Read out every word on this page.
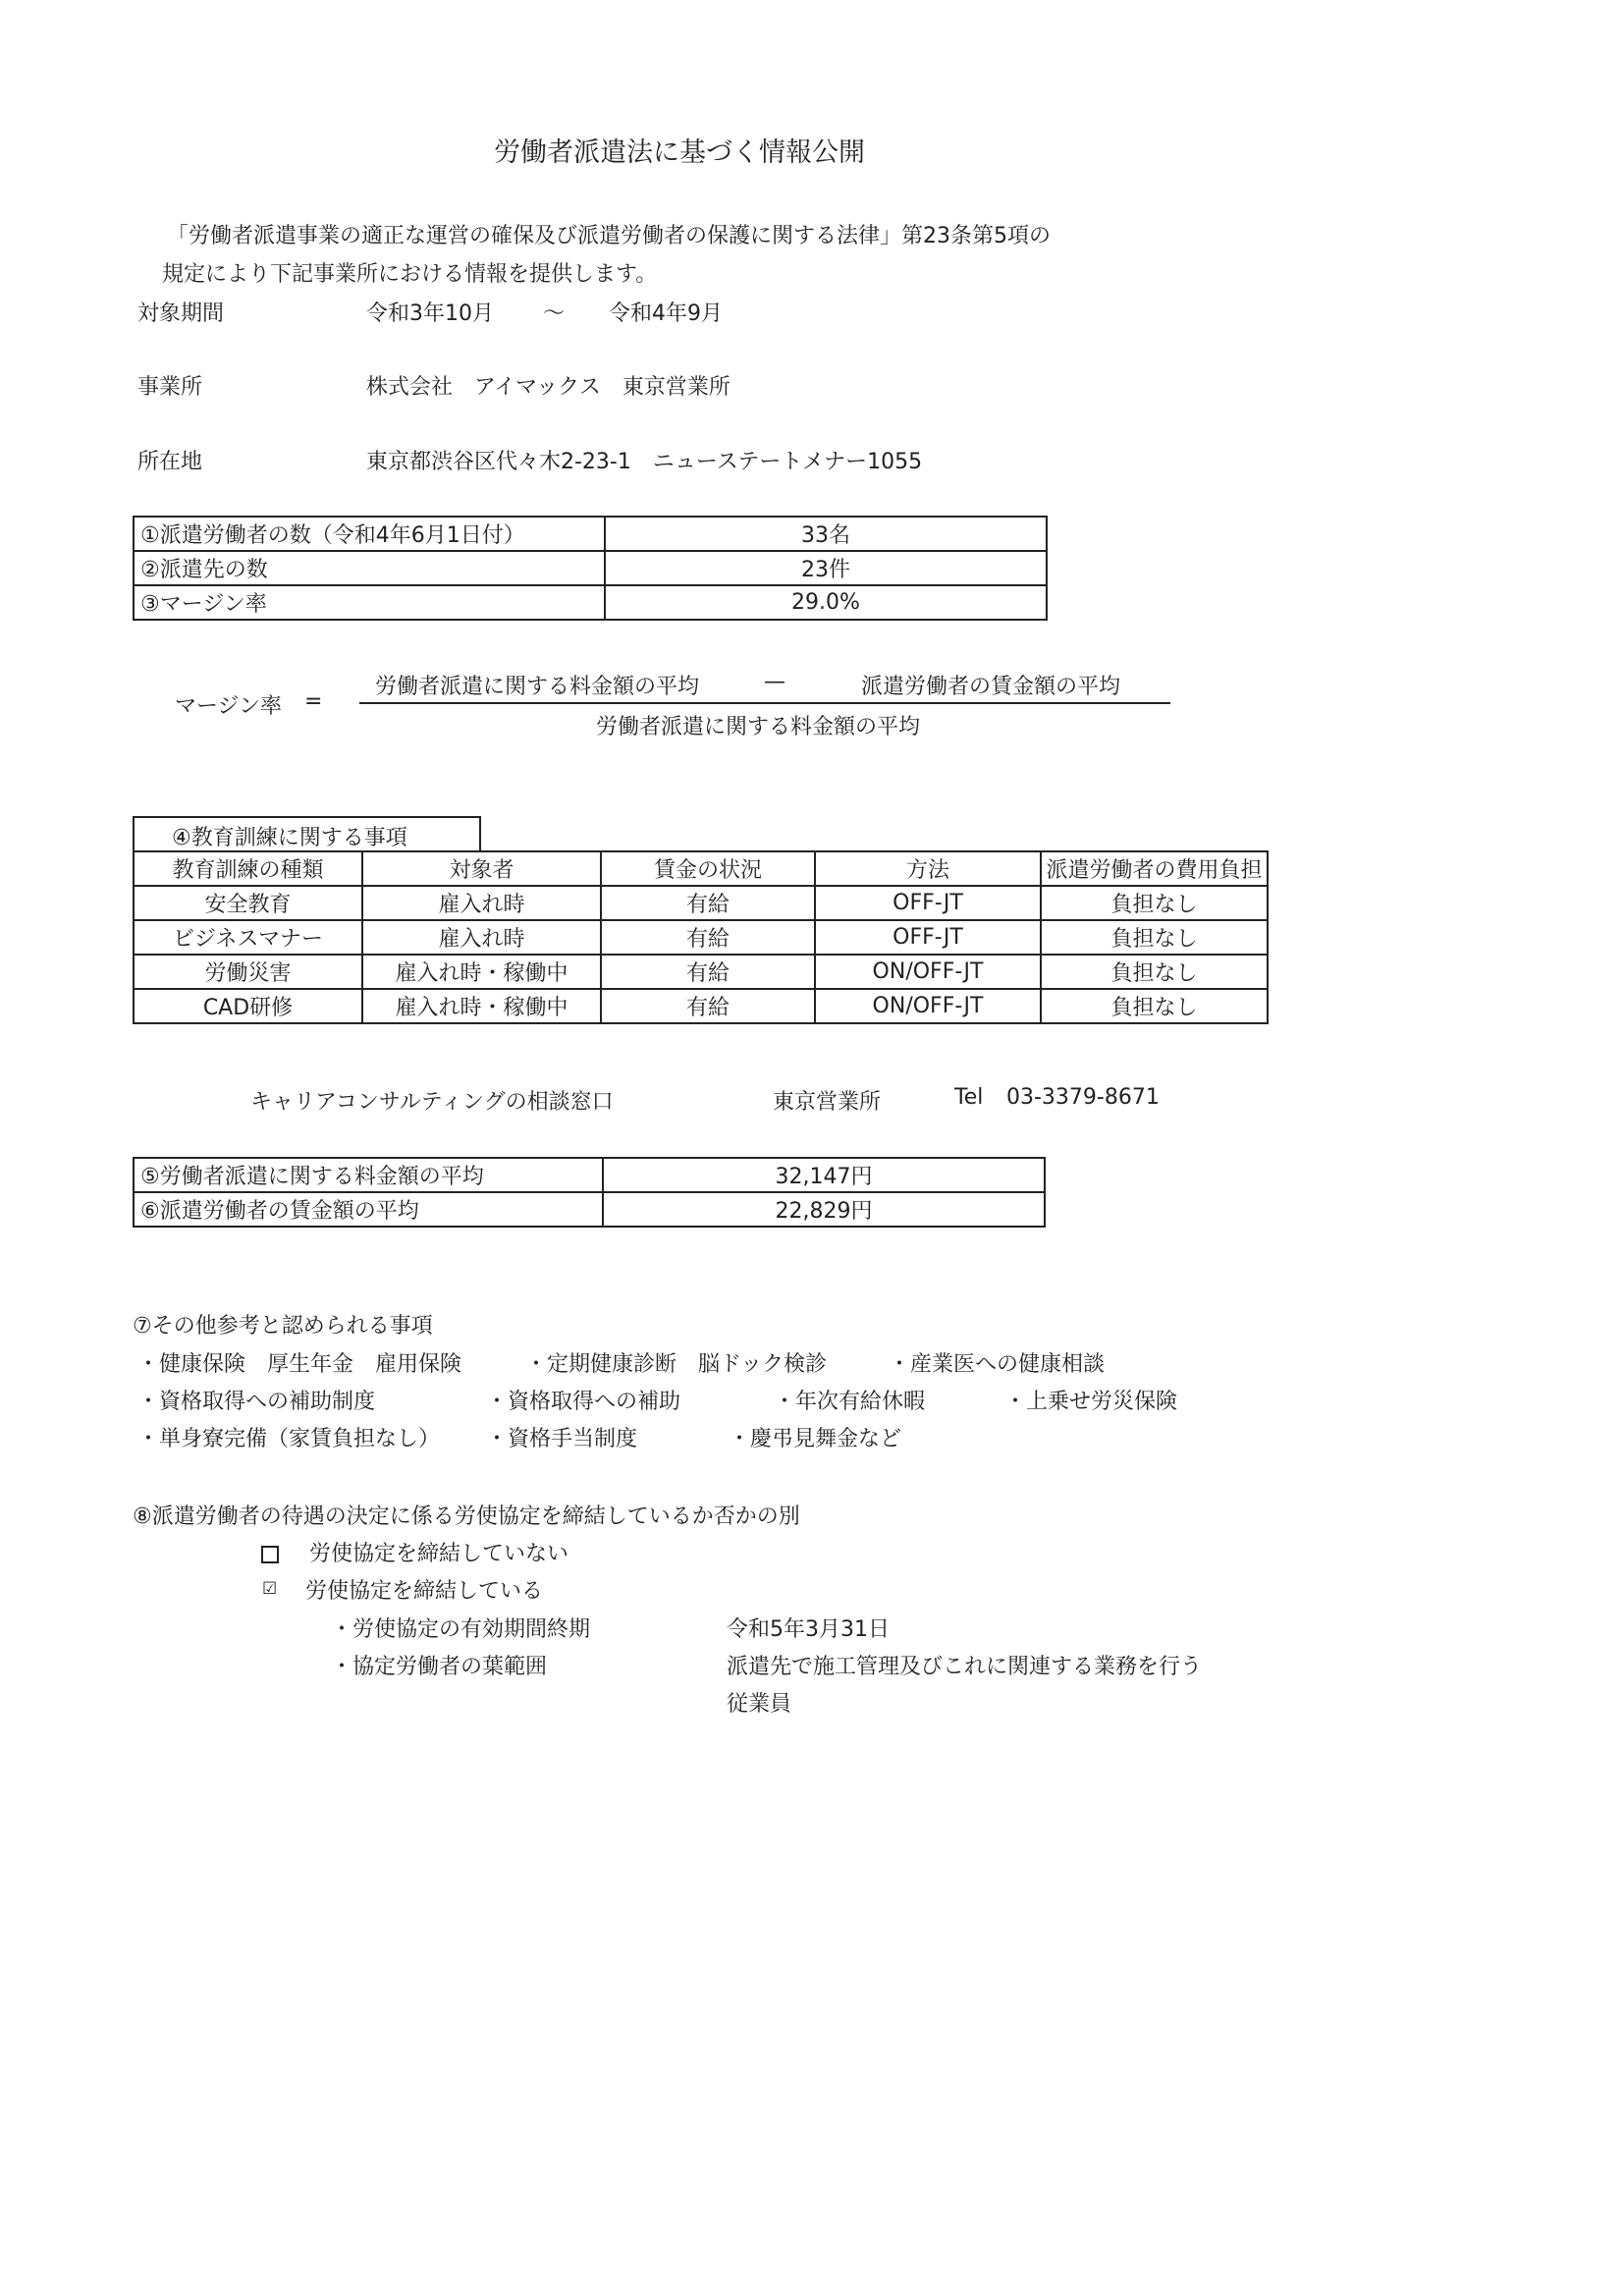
労働者派遣法に基づく情報公開
「労働者派遣事業の適正な運営の確保及び派遣労働者の保護に関する法律」第23条第5項の
規定により下記事業所における情報を提供します。
対象期間	令和3年10月 〜 令和4年9月
事業所	株式会社　アイマックス　東京営業所
所在地	東京都渋谷区代々木2-23-1　ニューステートメナー1055
①派遣労働者の数（令和4年6月1日付）	33名
②派遣先の数	23件
③マージン率	29.0%
マージン率 =
労働者派遣に関する料金額の平均	—	派遣労働者の賃金額の平均
労働者派遣に関する料金額の平均
④教育訓練に関する事項
教育訓練の種類	対象者	賃金の状況	方法	派遣労働者の費用負担
安全教育	雇入れ時	有給	OFF-JT	負担なし
ビジネスマナー	雇入れ時	有給	OFF-JT	負担なし
労働災害	雇入れ時・稼働中	有給	ON/OFF-JT	負担なし
CAD研修	雇入れ時・稼働中	有給	ON/OFF-JT	負担なし
キャリアコンサルティングの相談窓口	東京営業所	Tel 03-3379-8671
⑤労働者派遣に関する料金額の平均	32,147円
⑥派遣労働者の賃金額の平均	22,829円
⑦その他参考と認められる事項
・健康保険　厚生年金　雇用保険	・定期健康診断　脳ドック検診	・産業医への健康相談
・資格取得への補助制度	・資格取得への補助	・年次有給休暇	・上乗せ労災保険
・単身寮完備（家賃負担なし） ・資格手当制度	・慶弔見舞金など
⑧派遣労働者の待遇の決定に係る労使協定を締結しているか否かの別
労使協定を締結していない
☑ 労使協定を締結している
・労使協定の有効期間終期	令和5年3月31日
・協定労働者の葉範囲	派遣先で施工管理及びこれに関連する業務を行う
従業員
